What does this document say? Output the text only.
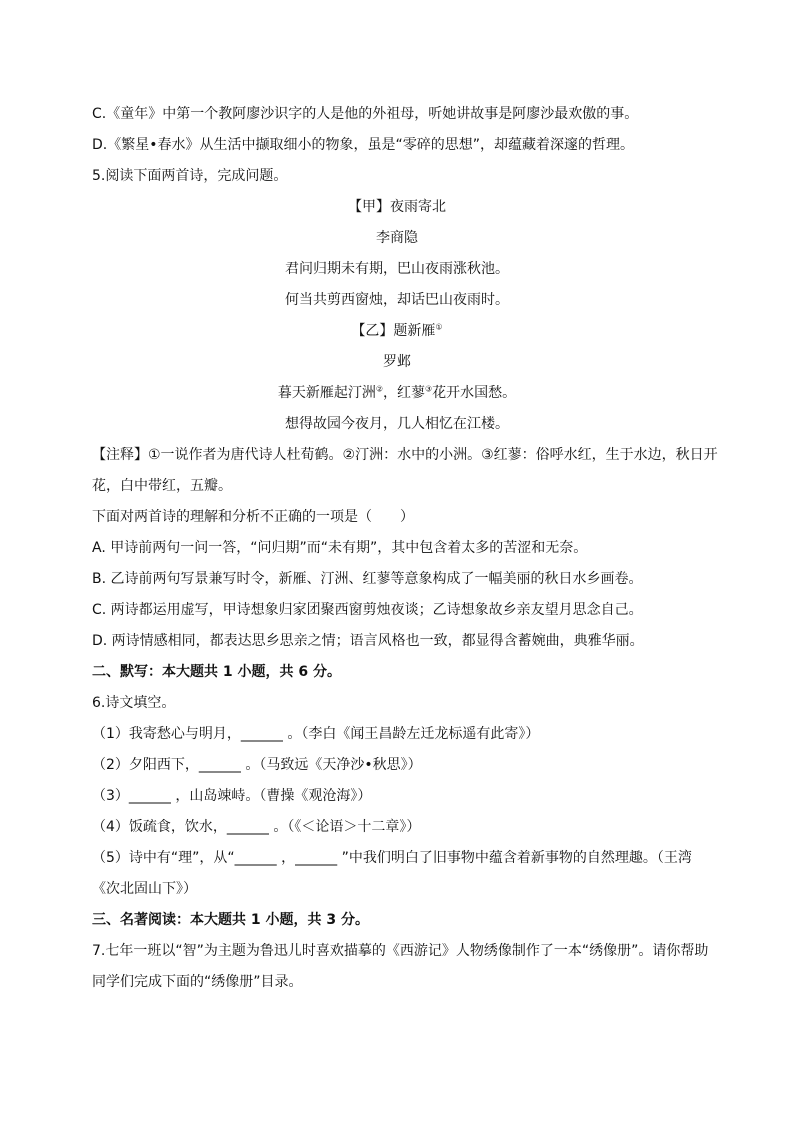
C.《童年》中第一个教阿廖沙识字的人是他的外祖母，听她讲故事是阿廖沙最欢傲的事。
D.《繁星•春水》从生活中撷取细小的物象，虽是“零碎的思想”，却蕴藏着深邃的哲理。
5.阅读下面两首诗，完成问题。
【甲】夜雨寄北
李商隐
君问归期未有期，巴山夜雨涨秋池。
何当共剪西窗烛，却话巴山夜雨时。
【乙】题新雁①
罗邺
暮天新雁起汀洲②，红蓼③花开水国愁。
想得故园今夜月，几人相忆在江楼。
【注释】①一说作者为唐代诗人杜荀鹤。②汀洲：水中的小洲。③红蓼：俗呼水红，生于水边，秋日开
花，白中带红，五瓣。
下面对两首诗的理解和分析不正确的一项是（　　）
A. 甲诗前两句一问一答，“问归期”而“未有期”，其中包含着太多的苦涩和无奈。
B. 乙诗前两句写景兼写时令，新雁、汀洲、红蓼等意象构成了一幅美丽的秋日水乡画卷。
C. 两诗都运用虚写，甲诗想象归家团聚西窗剪烛夜谈；乙诗想象故乡亲友望月思念自己。
D. 两诗情感相同，都表达思乡思亲之情；语言风格也一致，都显得含蓄婉曲，典雅华丽。
二、默写：本大题共 1 小题，共 6 分。
6.诗文填空。
（1）我寄愁心与明月，______ 。（李白《闻王昌龄左迁龙标遥有此寄》）
（2）夕阳西下，______ 。（马致远《天净沙•秋思》）
（3）______ ，山岛竦峙。（曹操《观沧海》）
（4）饭疏食，饮水，______ 。（《＜论语＞十二章》）
（5）诗中有“理”，从“______ ，______ ”中我们明白了旧事物中蕴含着新事物的自然理趣。（王湾
《次北固山下》）
三、名著阅读：本大题共 1 小题，共 3 分。
7.七年一班以“智”为主题为鲁迅儿时喜欢描摹的《西游记》人物绣像制作了一本“绣像册”。请你帮助
同学们完成下面的“绣像册”目录。
